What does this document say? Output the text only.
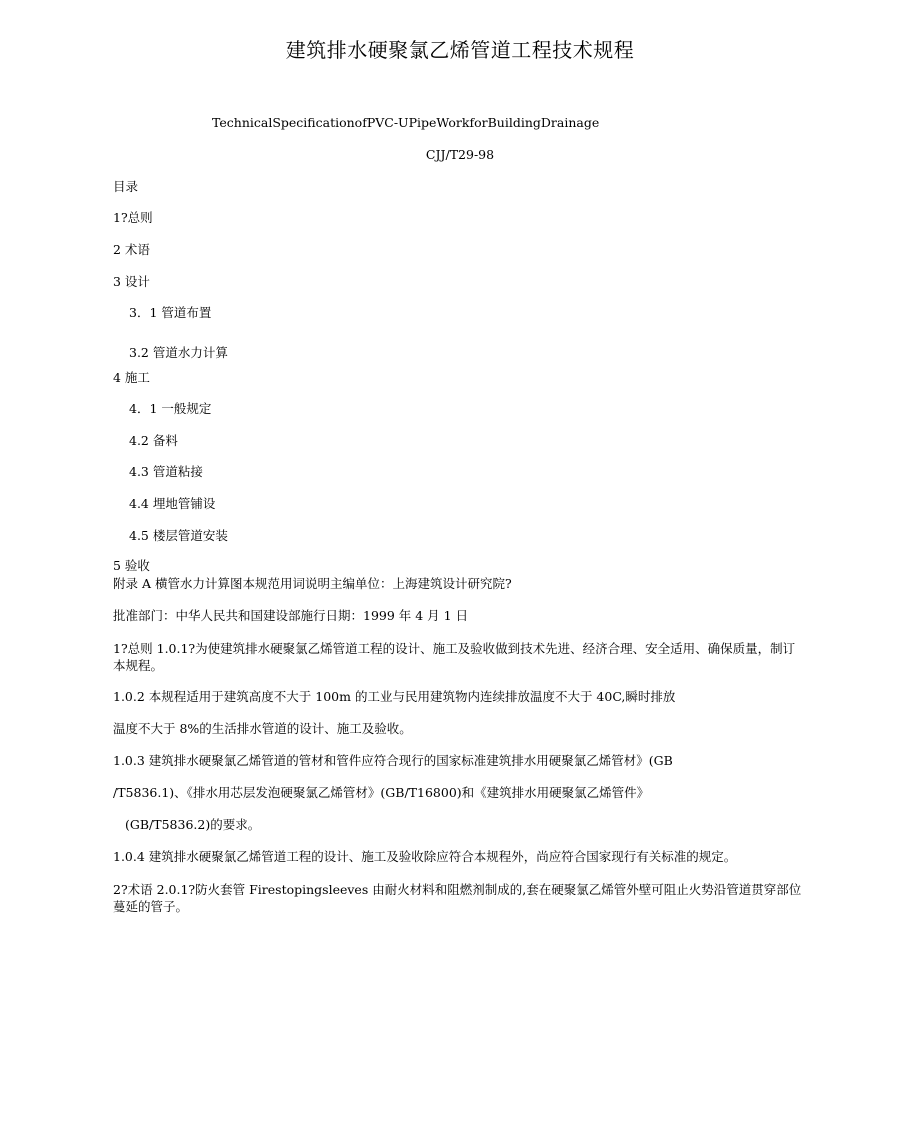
建筑排水硬聚氯乙烯管道工程技术规程
TechnicalSpecificationofPVC-UPipeWorkforBuildingDrainage
CJJ/T29-98
目录
1?总则
2 术语
3 设计
3．1 管道布置
3.2 管道水力计算
4 施工
4．1 一般规定
4.2 备料
4.3 管道粘接
4.4 埋地管铺设
4.5 楼层管道安装
5 验收
附录 A 横管水力计算图本规范用词说明主编单位：上海建筑设计研究院?
批准部门：中华人民共和国建设部施行日期：1999 年 4 月 1 日
1?总则 1.0.1?为使建筑排水硬聚氯乙烯管道工程的设计、施工及验收做到技术先进、经济合理、安全适用、确保质量，制订本规程。
1.0.2 本规程适用于建筑高度不大于 100m 的工业与民用建筑物内连续排放温度不大于 40C,瞬时排放
温度不大于 8%的生活排水管道的设计、施工及验收。
1.0.3 建筑排水硬聚氯乙烯管道的管材和管件应符合现行的国家标准建筑排水用硬聚氯乙烯管材》(GB
/T5836.1)、《排水用芯层发泡硬聚氯乙烯管材》(GB/T16800)和《建筑排水用硬聚氯乙烯管件》
(GB/T5836.2)的要求。
1.0.4 建筑排水硬聚氯乙烯管道工程的设计、施工及验收除应符合本规程外，尚应符合国家现行有关标准的规定。
2?术语 2.0.1?防火套管 Firestopingsleeves 由耐火材料和阻燃剂制成的,套在硬聚氯乙烯管外壁可阻止火势沿管道贯穿部位蔓延的管子。
